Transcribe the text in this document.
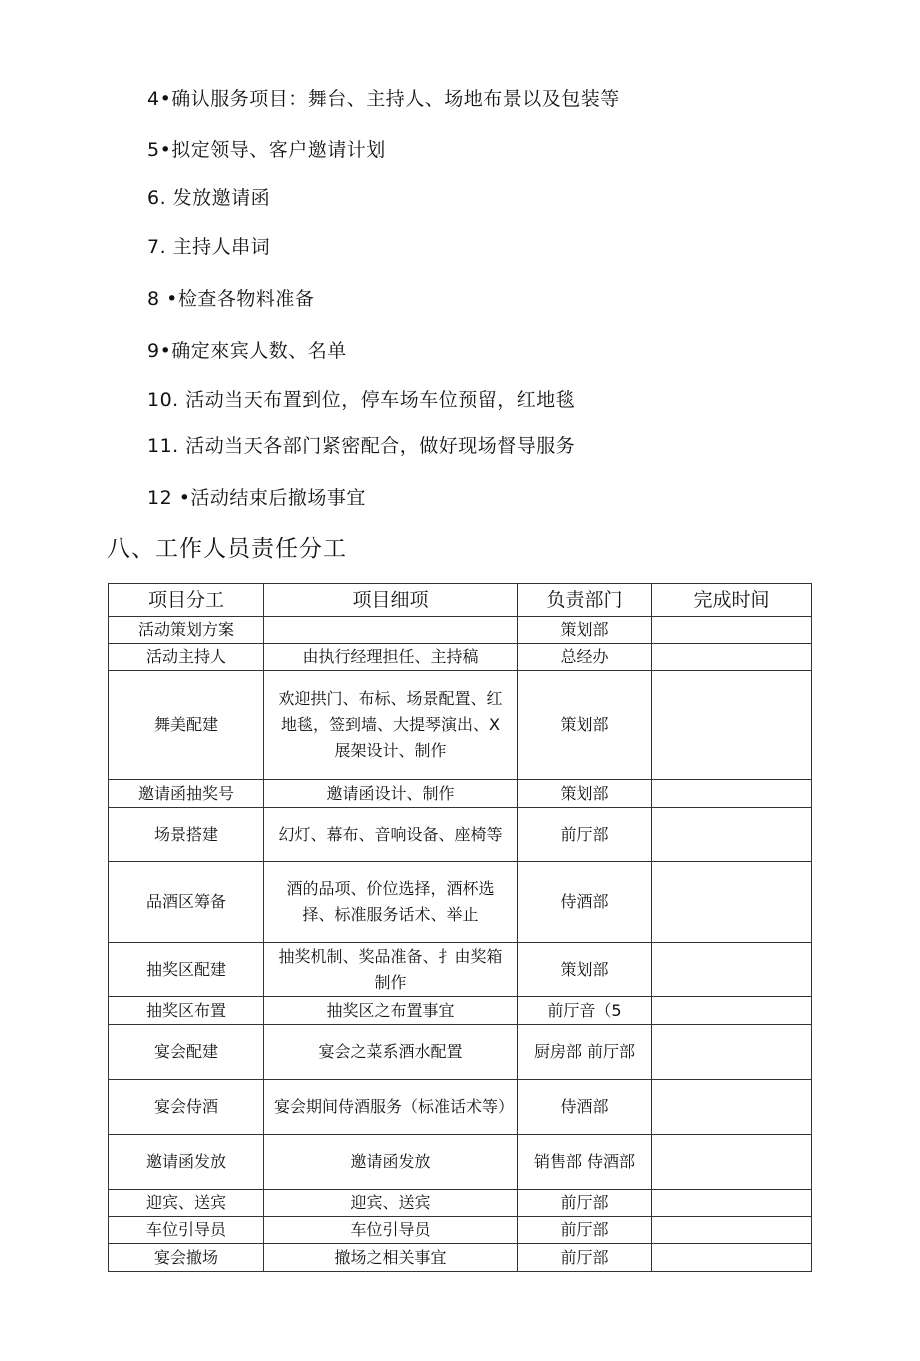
4•确认服务项目：舞台、主持人、场地布景以及包装等
5•拟定领导、客户邀请计划
6. 发放邀请函
7. 主持人串词
8 •检查各物料准备
9•确定來宾人数、名单
10. 活动当天布置到位，停车场车位预留，红地毯
11. 活动当天各部门紧密配合，做好现场督导服务
12 •活动结束后撤场事宜
八、工作人员责任分工
项目分工	项目细项	负责部门	完成时间
活动策划方案		策划部	
活动主持人	由执行经理担任、主持稿	总经办	
舞美配建	欢迎拱门、布标、场景配置、红地毯，签到墙、大提琴演出、X展架设计、制作	策划部	
邀请函抽奖号	邀请函设计、制作	策划部	
场景搭建	幻灯、幕布、音响设备、座椅等	前厅部	
品酒区筹备	酒的品项、价位选择，酒杯选择、标准服务话术、举止	侍酒部	
抽奖区配建	抽奖机制、奖品准备、扌由奖箱制作	策划部	
抽奖区布置	抽奖区之布置事宜	前厅音（5	
宴会配建	宴会之菜系酒水配置	厨房部 前厅部	
宴会侍酒	宴会期间侍酒服务（标准话术等）	侍酒部	
邀请函发放	邀请函发放	销售部 侍酒部	
迎宾、送宾	迎宾、送宾	前厅部	
车位引导员	车位引导员	前厅部	
宴会撤场	撤场之相关事宜	前厅部	
